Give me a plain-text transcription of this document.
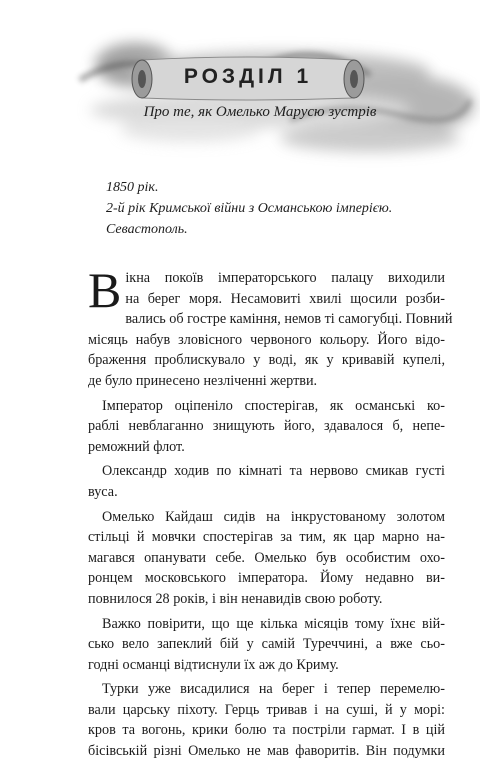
РОЗДІЛ 1
Про те, як Омелько Марусю зустрів
1850 рік.
2-й рік Кримської війни з Османською імперією.
Севастополь.

В ікна покоїв імператорського палацу виходили
на берег моря. Несамовиті хвилі щосили розби-
вались об гостре каміння, немов ті самогубці. Повний
місяць набув зловісного червоного кольору. Його відо-
браження проблискувало у воді, як у кривавій купелі,
де було принесено незліченні жертви.

Імператор оціпеніло спостерігав, як османські ко-
раблі невблаганно знищують його, здавалося б, непе-
реможний флот.

Олександр ходив по кімнаті та нервово смикав густі
вуса.

Омелько Кайдаш сидів на інкрустованому золотом
стільці й мовчки спостерігав за тим, як цар марно на-
магався опанувати себе. Омелько був особистим охо-
ронцем московського імператора. Йому недавно ви-
повнилося 28 років, і він ненавидів свою роботу.

Важко повірити, що ще кілька місяців тому їхнє вій-
сько вело запеклий бій у самій Туреччині, а вже сьо-
годні османці відтиснули їх аж до Криму.

Турки уже висадилися на берег і тепер перемелю-
вали царську піхоту. Герць тривав і на суші, й у морі:
кров та вогонь, крики болю та постріли гармат. І в цій
бісівській різні Омелько не мав фаворитів. Він подумки
